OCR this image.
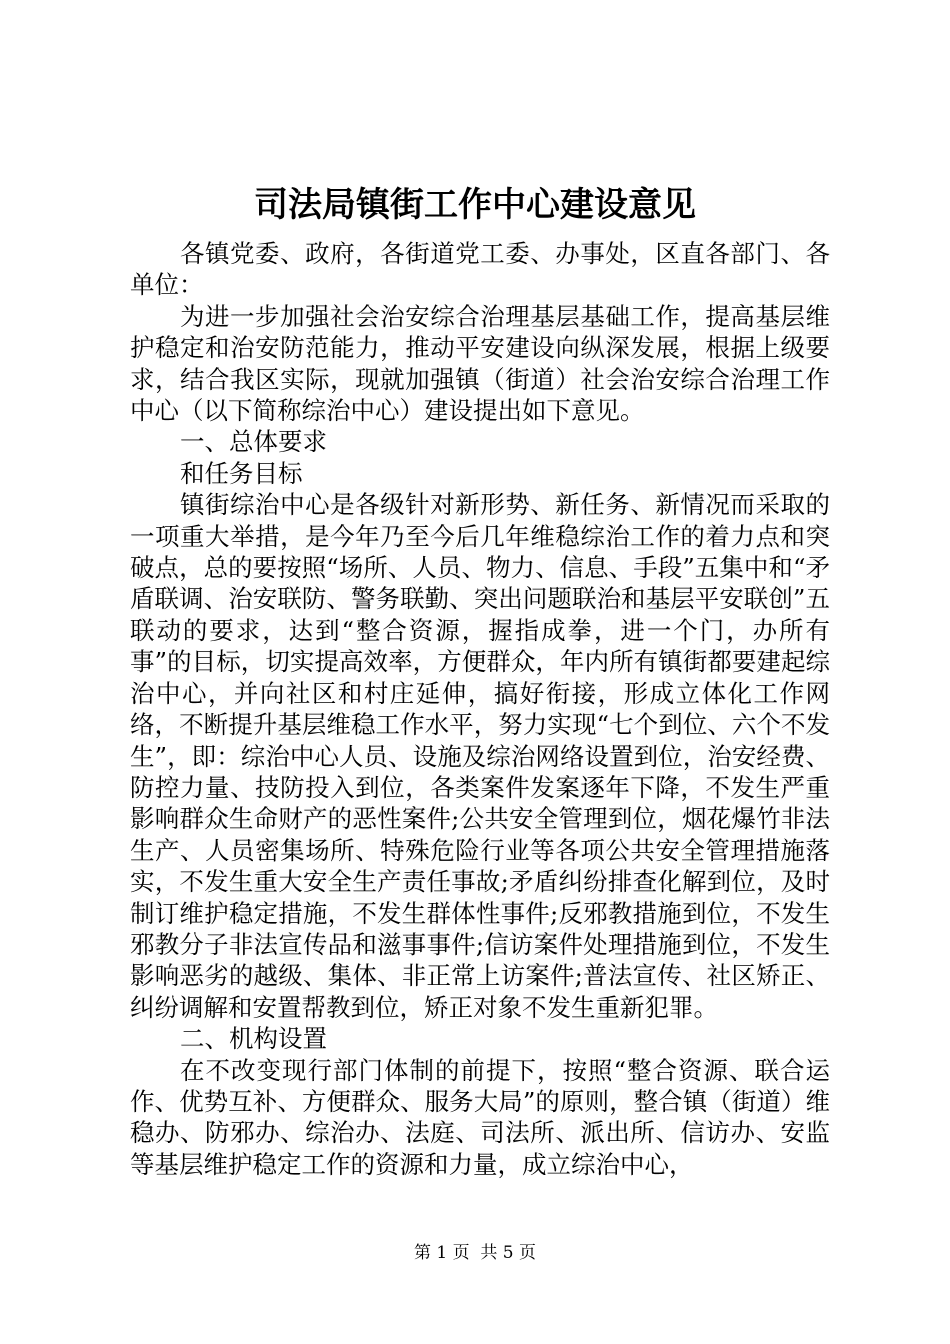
司法局镇街工作中心建设意见

各镇党委、政府，各街道党工委、办事处，区直各部门、各单位：

为进一步加强社会治安综合治理基层基础工作，提高基层维护稳定和治安防范能力，推动平安建设向纵深发展，根据上级要求，结合我区实际，现就加强镇（街道）社会治安综合治理工作中心（以下简称综治中心）建设提出如下意见。

一、总体要求

和任务目标

镇街综治中心是各级针对新形势、新任务、新情况而采取的一项重大举措，是今年乃至今后几年维稳综治工作的着力点和突破点，总的要按照“场所、人员、物力、信息、手段”五集中和“矛盾联调、治安联防、警务联勤、突出问题联治和基层平安联创”五联动的要求，达到“整合资源，握指成拳，进一个门，办所有事”的目标，切实提高效率，方便群众，年内所有镇街都要建起综治中心，并向社区和村庄延伸，搞好衔接，形成立体化工作网络，不断提升基层维稳工作水平，努力实现“七个到位、六个不发生”，即：综治中心人员、设施及综治网络设置到位，治安经费、防控力量、技防投入到位，各类案件发案逐年下降，不发生严重影响群众生命财产的恶性案件;公共安全管理到位，烟花爆竹非法生产、人员密集场所、特殊危险行业等各项公共安全管理措施落实，不发生重大安全生产责任事故;矛盾纠纷排查化解到位，及时制订维护稳定措施，不发生群体性事件;反邪教措施到位，不发生邪教分子非法宣传品和滋事事件;信访案件处理措施到位，不发生影响恶劣的越级、集体、非正常上访案件;普法宣传、社区矫正、纠纷调解和安置帮教到位，矫正对象不发生重新犯罪。

二、机构设置

在不改变现行部门体制的前提下，按照“整合资源、联合运作、优势互补、方便群众、服务大局”的原则，整合镇（街道）维稳办、防邪办、综治办、法庭、司法所、派出所、信访办、安监等基层维护稳定工作的资源和力量，成立综治中心，

第 1 页  共 5 页
